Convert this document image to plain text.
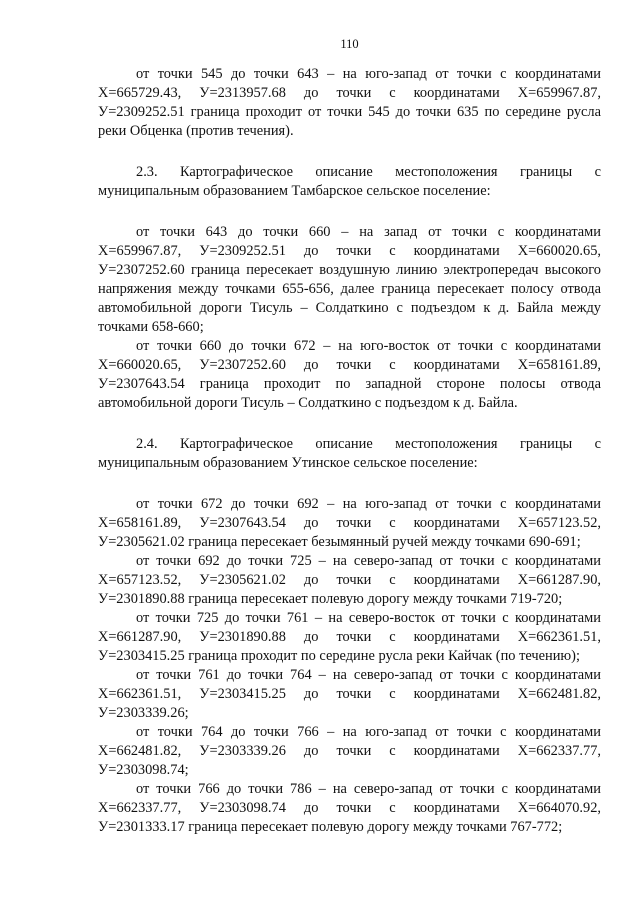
110

от точки 545 до точки 643 – на юго-запад от точки с координатами Х=665729.43, У=2313957.68 до точки с координатами Х=659967.87, У=2309252.51 граница проходит от точки 545 до точки 635 по середине русла реки Обценка (против течения).

2.3. Картографическое описание местоположения границы с муниципальным образованием Тамбарское сельское поселение:

от точки 643 до точки 660 – на запад от точки с координатами Х=659967.87, У=2309252.51 до точки с координатами Х=660020.65, У=2307252.60 граница пересекает воздушную линию электропередач высокого напряжения между точками 655-656, далее граница пересекает полосу отвода автомобильной дороги Тисуль – Солдаткино с подъездом к д. Байла между точками 658-660;

от точки 660 до точки 672 – на юго-восток от точки с координатами Х=660020.65, У=2307252.60 до точки с координатами Х=658161.89, У=2307643.54 граница проходит по западной стороне полосы отвода автомобильной дороги Тисуль – Солдаткино с подъездом к д. Байла.

2.4. Картографическое описание местоположения границы с муниципальным образованием Утинское сельское поселение:

от точки 672 до точки 692 – на юго-запад от точки с координатами Х=658161.89, У=2307643.54 до точки с координатами Х=657123.52, У=2305621.02 граница пересекает безымянный ручей между точками 690-691;

от точки 692 до точки 725 – на северо-запад от точки с координатами Х=657123.52, У=2305621.02 до точки с координатами Х=661287.90, У=2301890.88 граница пересекает полевую дорогу между точками 719-720;

от точки 725 до точки 761 – на северо-восток от точки с координатами Х=661287.90, У=2301890.88 до точки с координатами Х=662361.51, У=2303415.25 граница проходит по середине русла реки Кайчак (по течению);

от точки 761 до точки 764 – на северо-запад от точки с координатами Х=662361.51, У=2303415.25 до точки с координатами Х=662481.82, У=2303339.26;

от точки 764 до точки 766 – на юго-запад от точки с координатами Х=662481.82, У=2303339.26 до точки с координатами Х=662337.77, У=2303098.74;

от точки 766 до точки 786 – на северо-запад от точки с координатами Х=662337.77, У=2303098.74 до точки с координатами Х=664070.92, У=2301333.17 граница пересекает полевую дорогу между точками 767-772;
